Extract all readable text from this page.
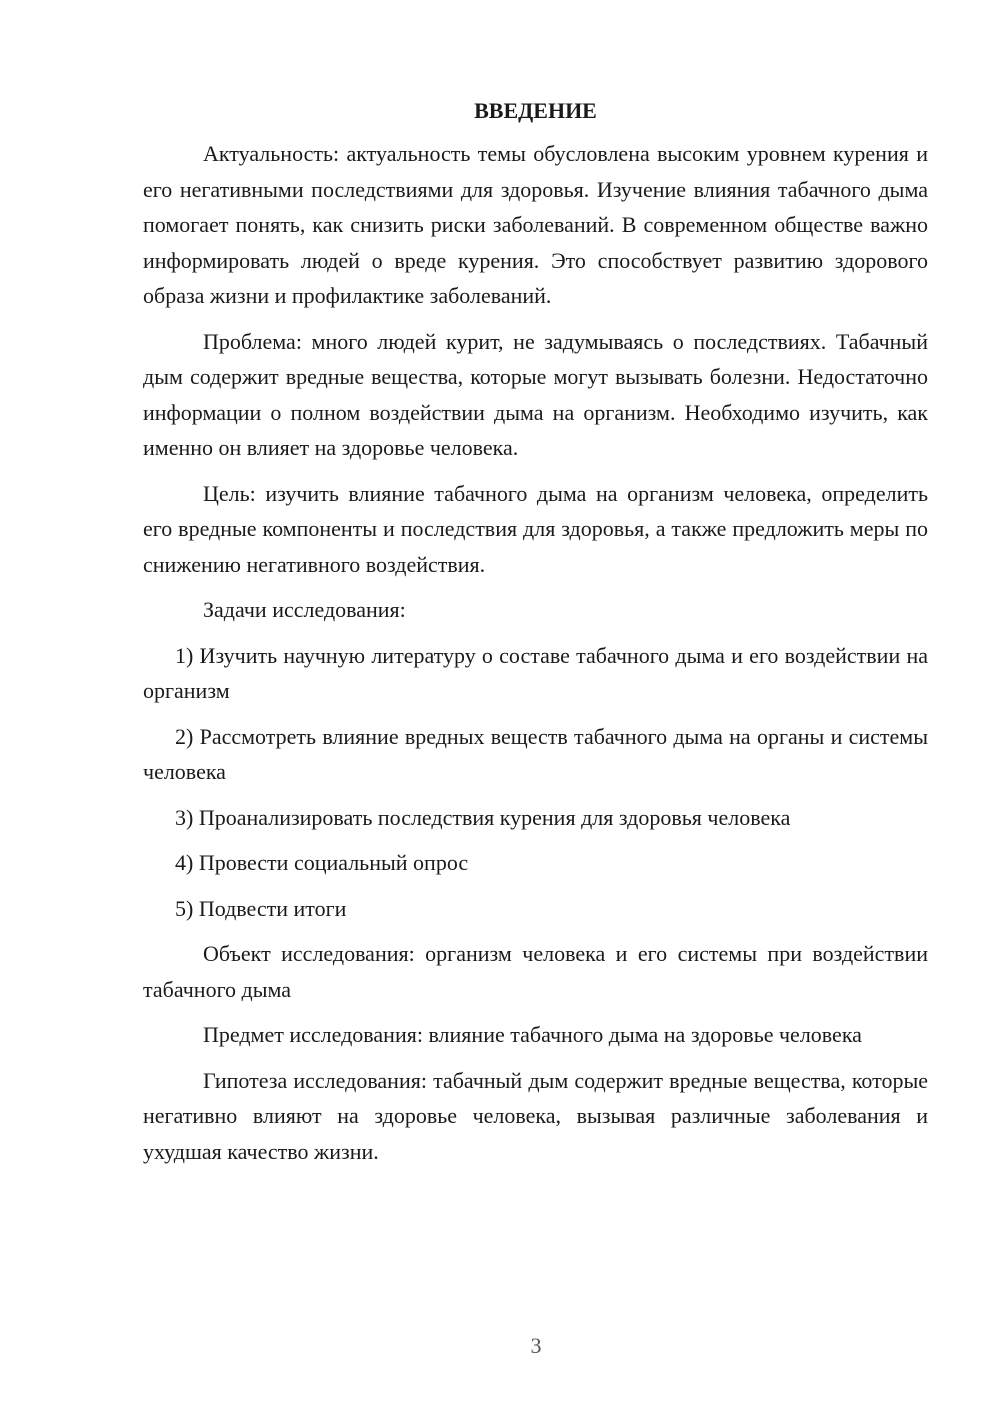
ВВЕДЕНИЕ

Актуальность: актуальность темы обусловлена высоким уровнем курения и его негативными последствиями для здоровья. Изучение влияния табачного дыма помогает понять, как снизить риски заболеваний. В современном обществе важно информировать людей о вреде курения. Это способствует развитию здорового образа жизни и профилактике заболеваний.

Проблема: много людей курит, не задумываясь о последствиях. Табачный дым содержит вредные вещества, которые могут вызывать болезни. Недостаточно информации о полном воздействии дыма на организм. Необходимо изучить, как именно он влияет на здоровье человека.

Цель: изучить влияние табачного дыма на организм человека, определить его вредные компоненты и последствия для здоровья, а также предложить меры по снижению негативного воздействия.

Задачи исследования:

1) Изучить научную литературу о составе табачного дыма и его воздействии на организм

2) Рассмотреть влияние вредных веществ табачного дыма на органы и системы человека

3) Проанализировать последствия курения для здоровья человека

4) Провести социальный опрос

5) Подвести итоги

Объект исследования: организм человека и его системы при воздействии табачного дыма

Предмет исследования: влияние табачного дыма на здоровье человека

Гипотеза исследования: табачный дым содержит вредные вещества, которые негативно влияют на здоровье человека, вызывая различные заболевания и ухудшая качество жизни.

3
